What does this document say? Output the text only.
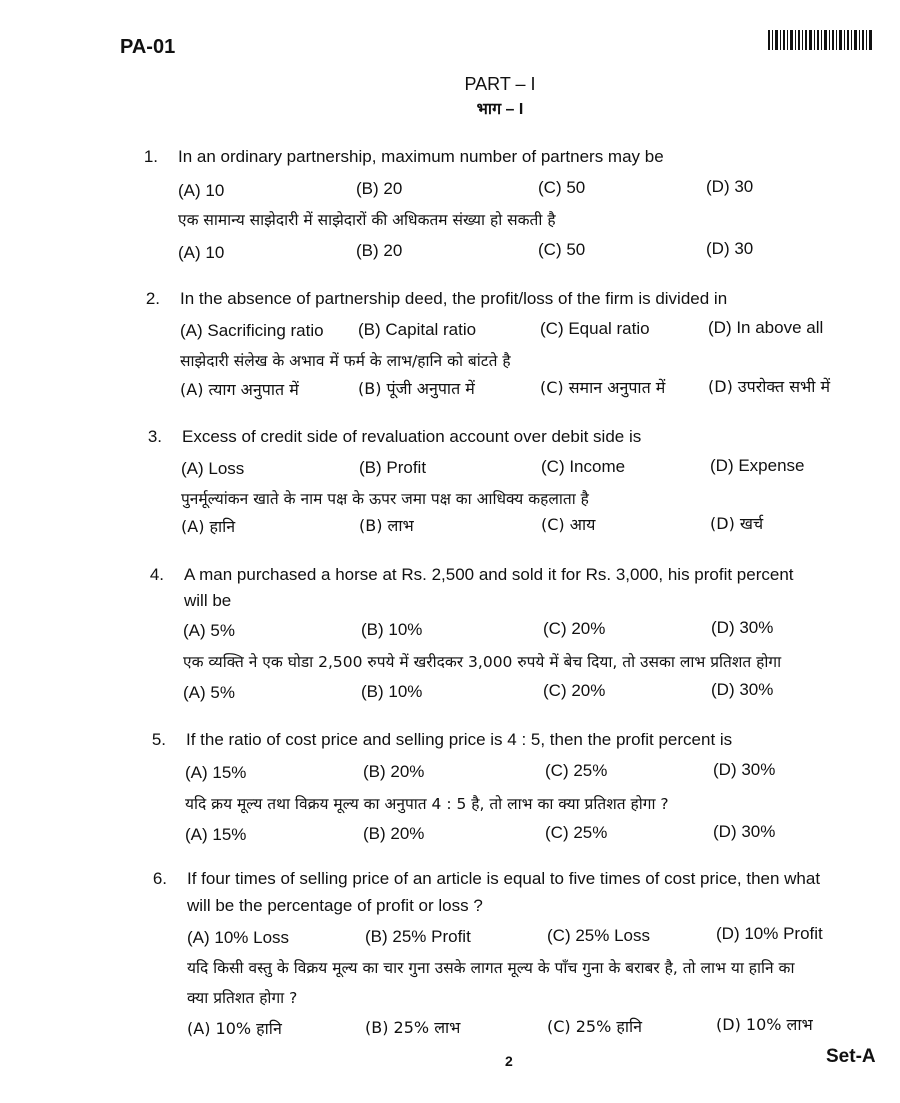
PA-01
PART – I
भाग – I
1. In an ordinary partnership, maximum number of partners may be
(A) 10	(B) 20	(C) 50	(D) 30
एक सामान्य साझेदारी में साझेदारों की अधिकतम संख्या हो सकती है
(A) 10	(B) 20	(C) 50	(D) 30
2. In the absence of partnership deed, the profit/loss of the firm is divided in
(A) Sacrificing ratio (B) Capital ratio	(C) Equal ratio	(D) In above all
साझेदारी संलेख के अभाव में फर्म के लाभ/हानि को बांटते है
(A) त्याग अनुपात में	(B) पूंजी अनुपात में	(C) समान अनुपात में	(D) उपरोक्त सभी में
3. Excess of credit side of revaluation account over debit side is
(A) Loss	(B) Profit	(C) Income	(D) Expense
पुनर्मूल्यांकन खाते के नाम पक्ष के ऊपर जमा पक्ष का आधिक्य कहलाता है
(A) हानि	(B) लाभ	(C) आय	(D) खर्च
4. A man purchased a horse at Rs. 2,500 and sold it for Rs. 3,000, his profit percent
will be
(A) 5%	(B) 10%	(C) 20%	(D) 30%
एक व्यक्ति ने एक घोडा 2,500 रुपये में खरीदकर 3,000 रुपये में बेच दिया, तो उसका लाभ प्रतिशत होगा
(A) 5%	(B) 10%	(C) 20%	(D) 30%
5. If the ratio of cost price and selling price is 4 : 5, then the profit percent is
(A) 15%	(B) 20%	(C) 25%	(D) 30%
यदि क्रय मूल्य तथा विक्रय मूल्य का अनुपात 4 : 5 है, तो लाभ का क्या प्रतिशत होगा ?
(A) 15%	(B) 20%	(C) 25%	(D) 30%
6. If four times of selling price of an article is equal to five times of cost price, then what
will be the percentage of profit or loss ?
(A) 10% Loss	(B) 25% Profit	(C) 25% Loss	(D) 10% Profit
यदि किसी वस्तु के विक्रय मूल्य का चार गुना उसके लागत मूल्य के पाँच गुना के बराबर है, तो लाभ या हानि का
क्या प्रतिशत होगा ?
(A) 10% हानि	(B) 25% लाभ	(C) 25% हानि	(D) 10% लाभ
2	Set-A
